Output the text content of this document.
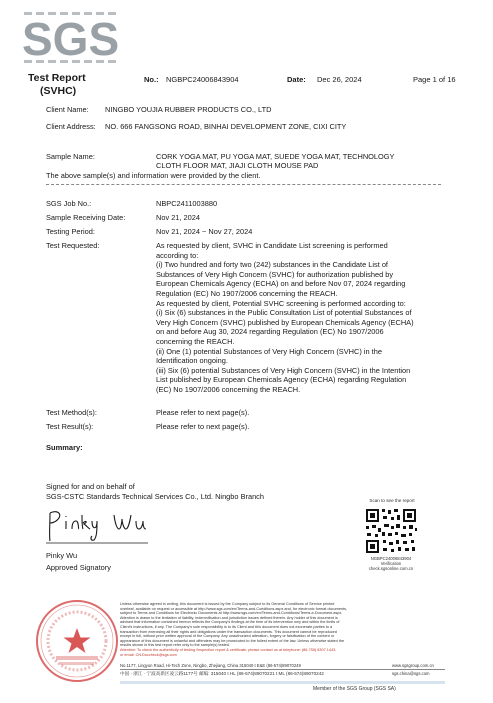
SGS
Test Report
(SVHC)
No.: NGBPC24006843904	Date: Dec 26, 2024	Page 1 of 16
Client Name: NINGBO YOUJIA RUBBER PRODUCTS CO., LTD
Client Address: NO. 666 FANGSONG ROAD, BINHAI DEVELOPMENT ZONE, CIXI CITY
Sample Name:	CORK YOGA MAT, PU YOGA MAT, SUEDE YOGA MAT, TECHNOLOGY
CLOTH FLOOR MAT, JIAJI CLOTH MOUSE PAD
The above sample(s) and information were provided by the client.
SGS Job No.:	NBPC2411003880
Sample Receiving Date:	Nov 21, 2024
Testing Period:	Nov 21, 2024 ~ Nov 27, 2024
Test Requested:	As requested by client, SVHC in Candidate List screening is performed
according to:
(i) Two hundred and forty two (242) substances in the Candidate List of
Substances of Very High Concern (SVHC) for authorization published by
European Chemicals Agency (ECHA) on and before Nov 07, 2024 regarding
Regulation (EC) No 1907/2006 concerning the REACH.
As requested by client, Potential SVHC screening is performed according to:
(i) Six (6) substances in the Public Consultation List of potential Substances of
Very High Concern (SVHC) published by European Chemicals Agency (ECHA)
on and before Aug 30, 2024 regarding Regulation (EC) No 1907/2006
concerning the REACH.
(ii) One (1) potential Substances of Very High Concern (SVHC) in the
Identification ongoing.
(iii) Six (6) potential Substances of Very High Concern (SVHC) in the Intention
List published by European Chemicals Agency (ECHA) regarding Regulation
(EC) No 1907/2006 concerning the REACH.
Test Method(s):	Please refer to next page(s).
Test Result(s):	Please refer to next page(s).
Summary:
Signed for and on behalf of
SGS-CSTC Standards Technical Services Co., Ltd. Ningbo Branch
Pinky Wu
Approved Signatory
Scan to see the report
NGBPC24006843904
Verification
check.sgsonline.com.cn
Unless otherwise agreed in writing, this document is issued by the Company subject to its General Conditions of Service printed
overleaf, available on request or accessible at http://www.sgs.com/en/Terms-and-Conditions.aspx and, for electronic format documents,
subject to Terms and Conditions for Electronic Documents at http://www.sgs.com/en/Terms-and-Conditions/Terms-e-Document.aspx.
Attention is drawn to the limitation of liability, indemnification and jurisdiction issues defined therein. Any holder of this document is
advised that information contained hereon reflects the Company's findings at the time of its intervention only and within the limits of
Client's instructions, if any. The Company's sole responsibility is to its Client and this document does not exonerate parties to a
transaction from exercising all their rights and obligations under the transaction documents. This document cannot be reproduced
except in full, without prior written approval of the Company. Any unauthorized alteration, forgery or falsification of the content or
appearance of this document is unlawful and offenders may be prosecuted to the fullest extent of the law. Unless otherwise stated the
results shown in this test report refer only to the sample(s) tested.
Attention: To check the authenticity of testing /inspection report & certificate, please contact us at telephone: (86-755) 8307 1443,
or email: CN.Doccheck@sgs.com
No.1177, Lingyun Road, Hi-Tech Zone, Ningbo, Zhejiang, China 315040 t E&E (86-574)89070249	www.sgsgroup.com.cn
中国 · 浙江 · 宁波高新区凌云路1177号 邮编: 315040 t HL (86-574)89070221 t ML (86-574)89070242	sgs.china@sgs.com
Member of the SGS Group (SGS SA)
